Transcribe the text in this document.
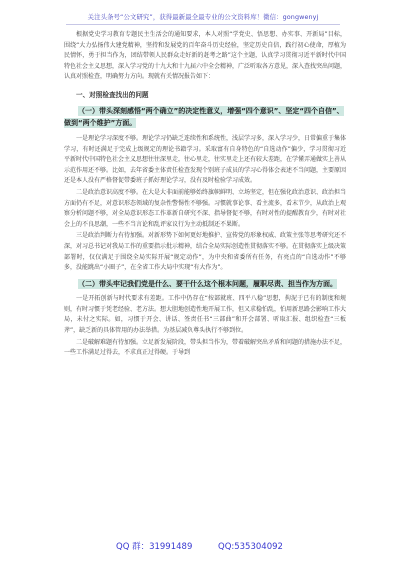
关注头条号“公文研究”，获得最新最全最专业的公文资料库！微信：gongwenyj

根据党史学习教育专题民主生活会的通知要求，本人对照“学党史、悟思想、办实事、开新局”目标，围绕“大力弘扬伟大建党精神，坚持和发展党的百年奋斗历史经验，坚定历史自信，践行初心使命，厚植为民情怀，勇于担当作为，团结带领人民群众走好新的赶考之路”这个主题，认真学习贯彻习近平新时代中国特色社会主义思想，深入学习党的十九大和十九届六中全会精神，广泛听取各方意见，深入查找突出问题，认真对照检查，明确努力方向。现就有关情况报告如下：

一、对照检查找出的问题
（一）带头深刻感悟“两个确立”的决定性意义，增强“四个意识”、坚定“四个自信”、做到“两个维护”方面。

一是理论学习深度不够。理论学习仍缺乏连续性和系统性，浅层学习多，深入学习少，日常偏重于集体学习，有时还满足于完成上级规定的理论书籍学习。采取富有自身特色的“自选动作”偏少，学习贯彻习近平新时代中国特色社会主义思想往往深里走，往心里走，往实里走上还有较大差距，在学懂弄通做实上善从示范作用还不够。比如，去年省委主体责任检查发现个别班子成员的学习心得体会表述不当问题，主要原因还是本人没有严格督促带委班子抓好理论学习，没有及时检验学习成效。

二是政治意识高度不够。在大是大非面前能够始终旗帜鲜明、立场坚定，但在强化政治意识、政治担当方面仍有不足，对意识形态领域的复杂性警惕性不够强。习惯就事论事、看主流多，看末节少，从政治上观察分析问题不够，对全局意识形态工作革新自研究不深、指导督促不够，有时对性的提醒教育少，有时对社会上的不良思潮，一些不当言论和乱评家议行为主动抵制还不果断。

三是政治判断力有待加强。对新形势下如何更好地推护、宣传党的形象权威、政策主张等思考研究还不深，对习总书记对我局工作的重要指示批示精神，结合全局实际创造性贯彻落实不够。在贯彻落实上级决策部署时，仅仅满足于围绕全局实际开展“规定动作”，为中央和省委所有任务，有亮点的“自选动作”不够多，没能跳出“小圈子”，在全省工作大局中实现“有大作为”。

（二）带头牢记我们党是什么、要干什么这个根本问题，履职尽责、担当作为方面。

一是开拓创新与时代要求有差距。工作中仍存在“按部就班、四平八稳”思想，拘泥于已有的制度和规则，有时习惯于凭老经验、老方法。想大胆地创造性地开展工作，但又求稳怕乱，怕用新思路会影响工作大局，未付之实际。如，习惯于开会、讲话、签责任书“三部曲”和开会部署、听取汇报、组织检查“三板斧”，缺乏新的具体管用的办法举措。为基层减负尊头执行不够到位。

二是破解难题有待加强。立足新发展阶段，带头担当作为，带着破解突出矛盾和问题的措施办法不足，一些工作满足过得去，不求真正过得硬。于导到

QQ 群：31991489	QQ:535304092
